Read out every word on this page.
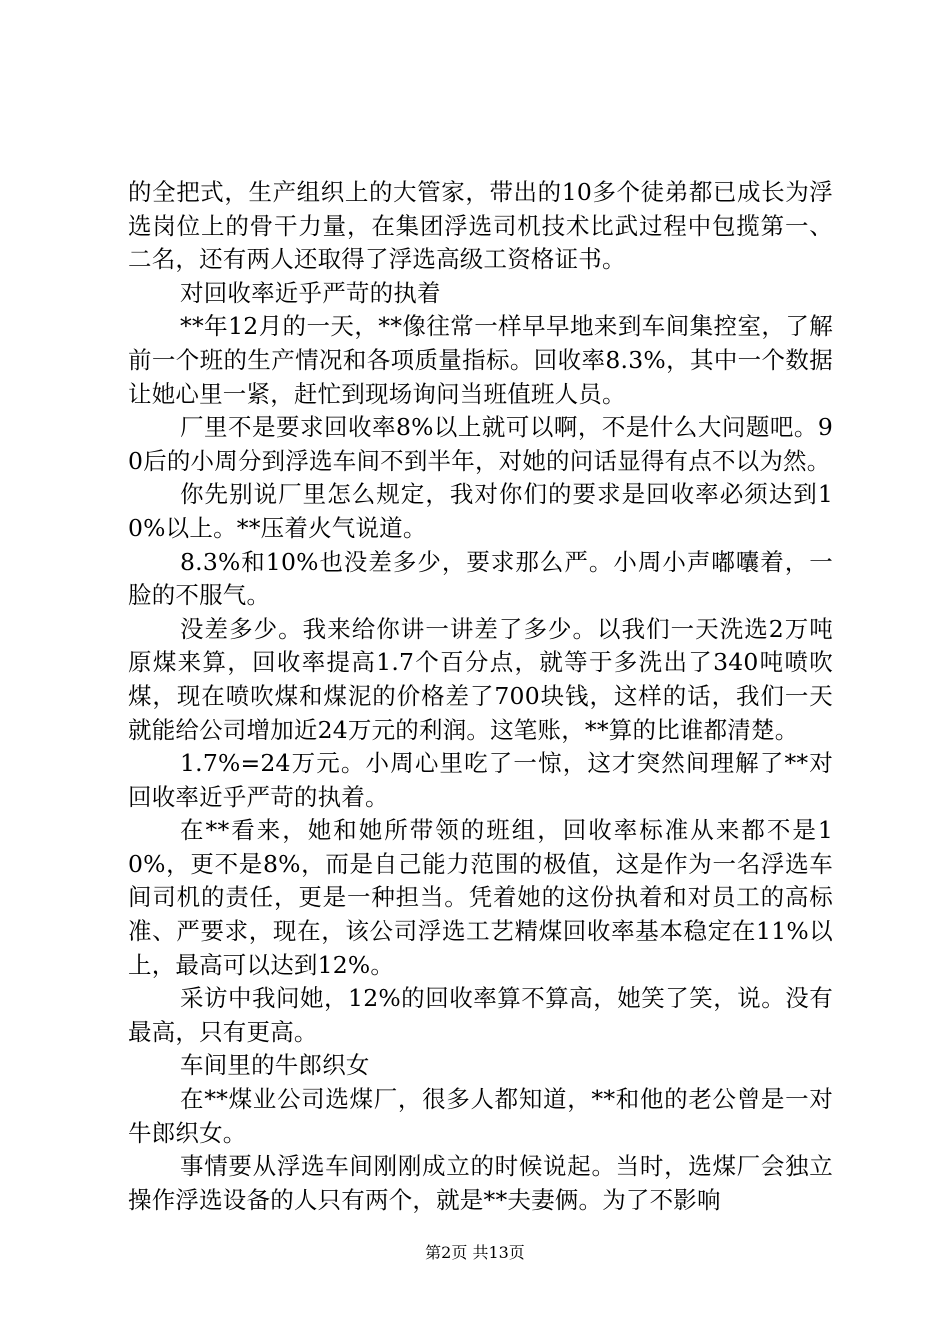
的全把式，生产组织上的大管家，带出的10多个徒弟都已成长为浮选岗位上的骨干力量，在集团浮选司机技术比武过程中包揽第一、二名，还有两人还取得了浮选高级工资格证书。

对回收率近乎严苛的执着

**年12月的一天，**像往常一样早早地来到车间集控室，了解前一个班的生产情况和各项质量指标。回收率8.3%，其中一个数据让她心里一紧，赶忙到现场询问当班值班人员。

厂里不是要求回收率8%以上就可以啊，不是什么大问题吧。90后的小周分到浮选车间不到半年，对她的问话显得有点不以为然。

你先别说厂里怎么规定，我对你们的要求是回收率必须达到10%以上。**压着火气说道。

8.3%和10%也没差多少，要求那么严。小周小声嘟囔着，一脸的不服气。

没差多少。我来给你讲一讲差了多少。以我们一天洗选2万吨原煤来算，回收率提高1.7个百分点，就等于多洗出了340吨喷吹煤，现在喷吹煤和煤泥的价格差了700块钱，这样的话，我们一天就能给公司增加近24万元的利润。这笔账，**算的比谁都清楚。

1.7%=24万元。小周心里吃了一惊，这才突然间理解了**对回收率近乎严苛的执着。

在**看来，她和她所带领的班组，回收率标准从来都不是10%，更不是8%，而是自己能力范围的极值，这是作为一名浮选车间司机的责任，更是一种担当。凭着她的这份执着和对员工的高标准、严要求，现在，该公司浮选工艺精煤回收率基本稳定在11%以上，最高可以达到12%。

采访中我问她，12%的回收率算不算高，她笑了笑，说。没有最高，只有更高。

车间里的牛郎织女

在**煤业公司选煤厂，很多人都知道，**和他的老公曾是一对牛郎织女。

事情要从浮选车间刚刚成立的时候说起。当时，选煤厂会独立操作浮选设备的人只有两个，就是**夫妻俩。为了不影响

第2页 共13页
